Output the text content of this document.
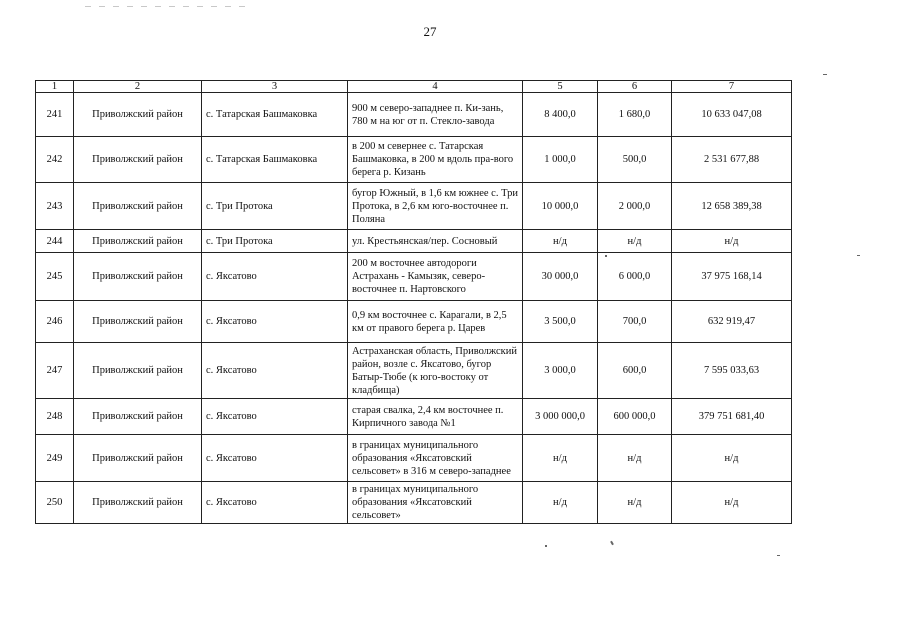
27
1	2	3	4	5	6	7
241	Приволжский район	с. Татарская Башмаковка	900 м северо-западнее п. Ки-зань, 780 м на юг от п. Стекло-завода	8 400,0	1 680,0	10 633 047,08
242	Приволжский район	с. Татарская Башмаковка	в 200 м севернее с. Татарская Башмаковка, в 200 м вдоль пра-вого берега р. Кизань	1 000,0	500,0	2 531 677,88
243	Приволжский район	с. Три Протока	бугор Южный, в 1,6 км южнее с. Три Протока, в 2,6 км юго-восточнее п. Поляна	10 000,0	2 000,0	12 658 389,38
244	Приволжский район	с. Три Протока	ул. Крестьянская/пер. Сосновый	н/д	н/д	н/д
245	Приволжский район	с. Яксатово	200 м восточнее автодороги Астрахань - Камызяк, северо-восточнее п. Нартовского	30 000,0	6 000,0	37 975 168,14
246	Приволжский район	с. Яксатово	0,9 км восточнее с. Карагали, в 2,5 км от правого берега р. Царев	3 500,0	700,0	632 919,47
247	Приволжский район	с. Яксатово	Астраханская область, Приволжский район, возле с. Яксатово, бугор Батыр-Тюбе (к юго-востоку от кладбища)	3 000,0	600,0	7 595 033,63
248	Приволжский район	с. Яксатово	старая свалка, 2,4 км восточнее п. Кирпичного завода №1	3 000 000,0	600 000,0	379 751 681,40
249	Приволжский район	с. Яксатово	в границах муниципального образования «Яксатовский сельсовет» в 316 м северо-западнее	н/д	н/д	н/д
250	Приволжский район	с. Яксатово	в границах муниципального образования «Яксатовский сельсовет»	н/д	н/д	н/д
